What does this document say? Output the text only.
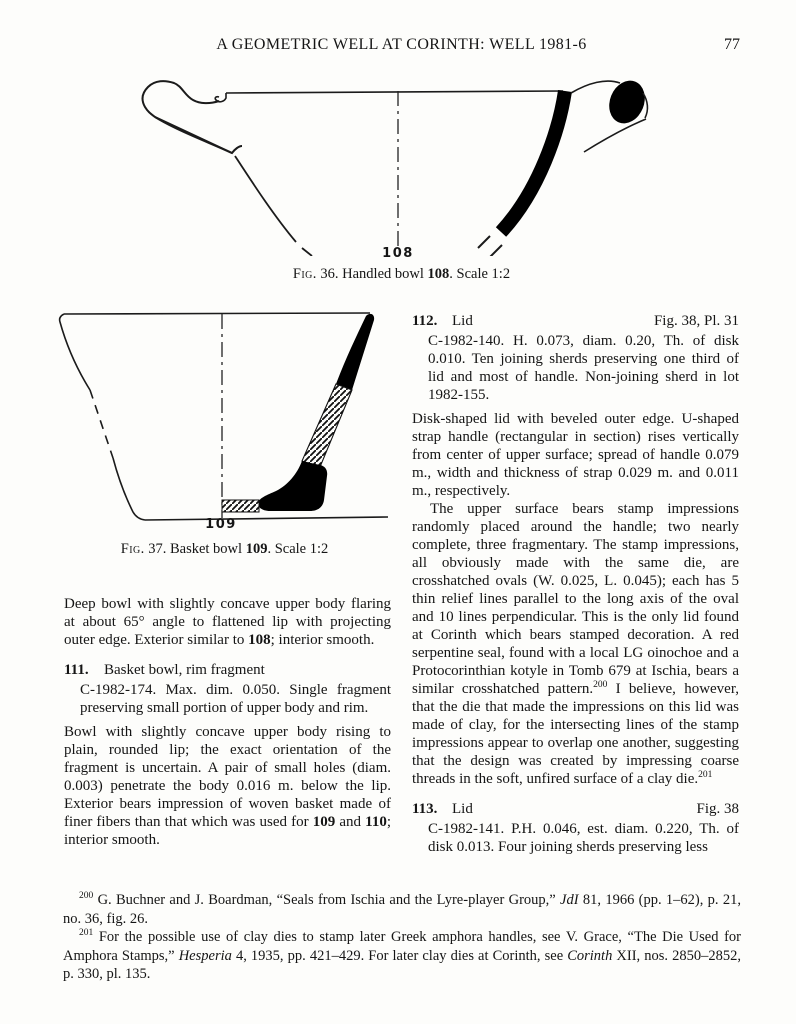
A GEOMETRIC WELL AT CORINTH: WELL 1981-6	77
108
Fig. 36. Handled bowl 108. Scale 1:2
109
Fig. 37. Basket bowl 109. Scale 1:2

Deep bowl with slightly concave upper body flaring at about 65° angle to flattened lip with projecting outer edge. Exterior similar to 108; interior smooth.

111.	Basket bowl, rim fragment

C-1982-174. Max. dim. 0.050. Single fragment preserving small portion of upper body and rim.

Bowl with slightly concave upper body rising to plain, rounded lip; the exact orientation of the fragment is uncertain. A pair of small holes (diam. 0.003) penetrate the body 0.016 m. below the lip. Exterior bears impression of woven basket made of finer fibers than that which was used for 109 and 110; interior smooth.

112. Lid	Fig. 38, Pl. 31

C-1982-140. H. 0.073, diam. 0.20, Th. of disk 0.010. Ten joining sherds preserving one third of lid and most of handle. Non-joining sherd in lot 1982-155.

Disk-shaped lid with beveled outer edge. U-shaped strap handle (rectangular in section) rises vertically from center of upper surface; spread of handle 0.079 m., width and thickness of strap 0.029 m. and 0.011 m., respectively.

The upper surface bears stamp impressions randomly placed around the handle; two nearly complete, three fragmentary. The stamp impressions, all obviously made with the same die, are crosshatched ovals (W. 0.025, L. 0.045); each has 5 thin relief lines parallel to the long axis of the oval and 10 lines perpendicular. This is the only lid found at Corinth which bears stamped decoration. A red serpentine seal, found with a local LG oinochoe and a Protocorinthian kotyle in Tomb 679 at Ischia, bears a similar crosshatched pattern.$^{200}$ I believe, however, that the die that made the impressions on this lid was made of clay, for the intersecting lines of the stamp impressions appear to overlap one another, suggesting that the design was created by impressing coarse threads in the soft, unfired surface of a clay die.$^{201}$

113. Lid	Fig. 38

C-1982-141. P.H. 0.046, est. diam. 0.220, Th. of disk 0.013. Four joining sherds preserving less

$^{200}$ G. Buchner and J. Boardman, “Seals from Ischia and the Lyre-player Group,” JdI 81, 1966 (pp. 1–62), p. 21, no. 36, fig. 26.

$^{201}$ For the possible use of clay dies to stamp later Greek amphora handles, see V. Grace, “The Die Used for Amphora Stamps,” Hesperia 4, 1935, pp. 421–429. For later clay dies at Corinth, see Corinth XII, nos. 2850–2852, p. 330, pl. 135.
